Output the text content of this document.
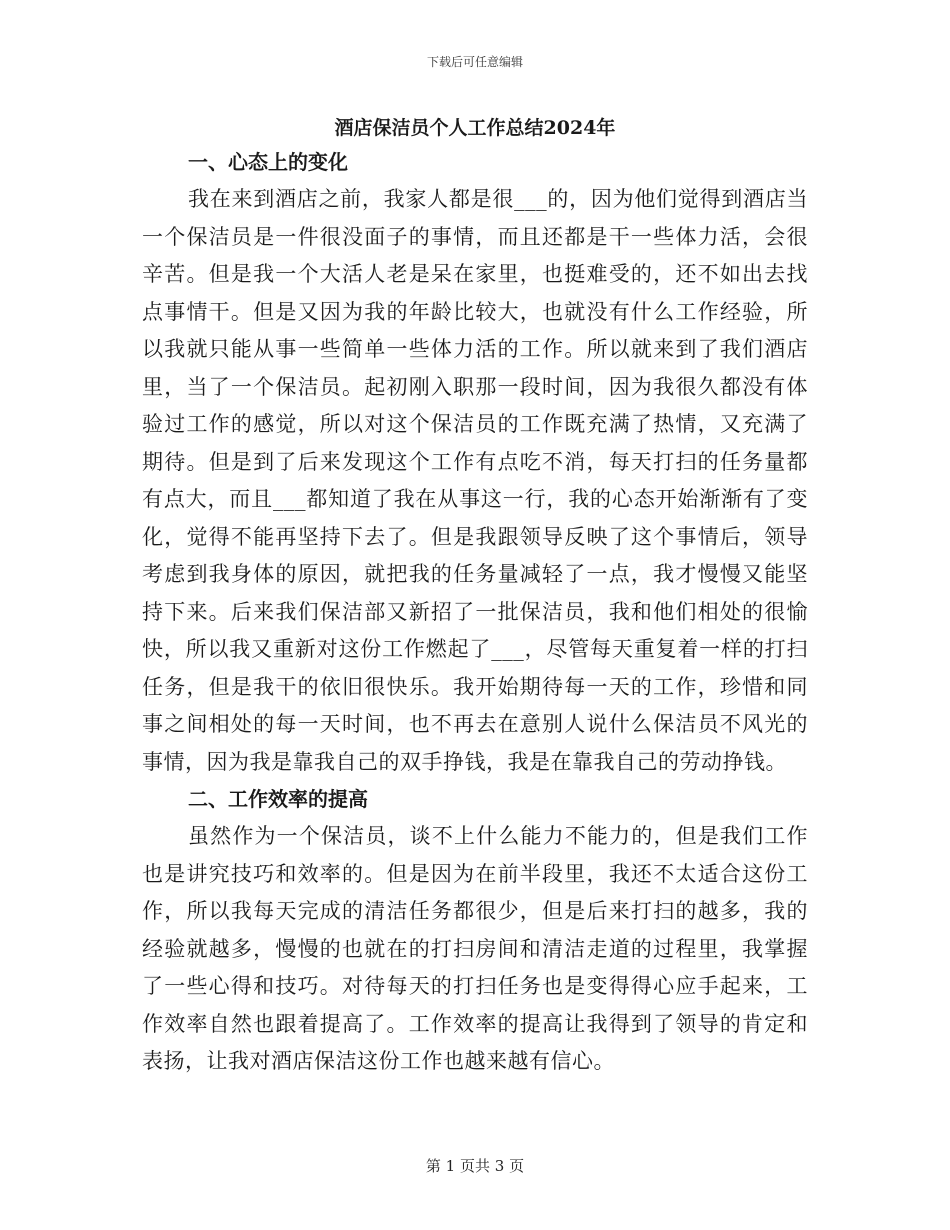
下载后可任意编辑
酒店保洁员个人工作总结2024年
一、心态上的变化

我在来到酒店之前，我家人都是很___的，因为他们觉得到酒店当一个保洁员是一件很没面子的事情，而且还都是干一些体力活，会很辛苦。但是我一个大活人老是呆在家里，也挺难受的，还不如出去找点事情干。但是又因为我的年龄比较大，也就没有什么工作经验，所以我就只能从事一些简单一些体力活的工作。所以就来到了我们酒店里，当了一个保洁员。起初刚入职那一段时间，因为我很久都没有体验过工作的感觉，所以对这个保洁员的工作既充满了热情，又充满了期待。但是到了后来发现这个工作有点吃不消，每天打扫的任务量都有点大，而且___都知道了我在从事这一行，我的心态开始渐渐有了变化，觉得不能再坚持下去了。但是我跟领导反映了这个事情后，领导考虑到我身体的原因，就把我的任务量减轻了一点，我才慢慢又能坚持下来。后来我们保洁部又新招了一批保洁员，我和他们相处的很愉快，所以我又重新对这份工作燃起了___，尽管每天重复着一样的打扫任务，但是我干的依旧很快乐。我开始期待每一天的工作，珍惜和同事之间相处的每一天时间，也不再去在意别人说什么保洁员不风光的事情，因为我是靠我自己的双手挣钱，我是在靠我自己的劳动挣钱。

二、工作效率的提高

虽然作为一个保洁员，谈不上什么能力不能力的，但是我们工作也是讲究技巧和效率的。但是因为在前半段里，我还不太适合这份工作，所以我每天完成的清洁任务都很少，但是后来打扫的越多，我的经验就越多，慢慢的也就在的打扫房间和清洁走道的过程里，我掌握了一些心得和技巧。对待每天的打扫任务也是变得得心应手起来，工作效率自然也跟着提高了。工作效率的提高让我得到了领导的肯定和表扬，让我对酒店保洁这份工作也越来越有信心。

第 1 页共 3 页
